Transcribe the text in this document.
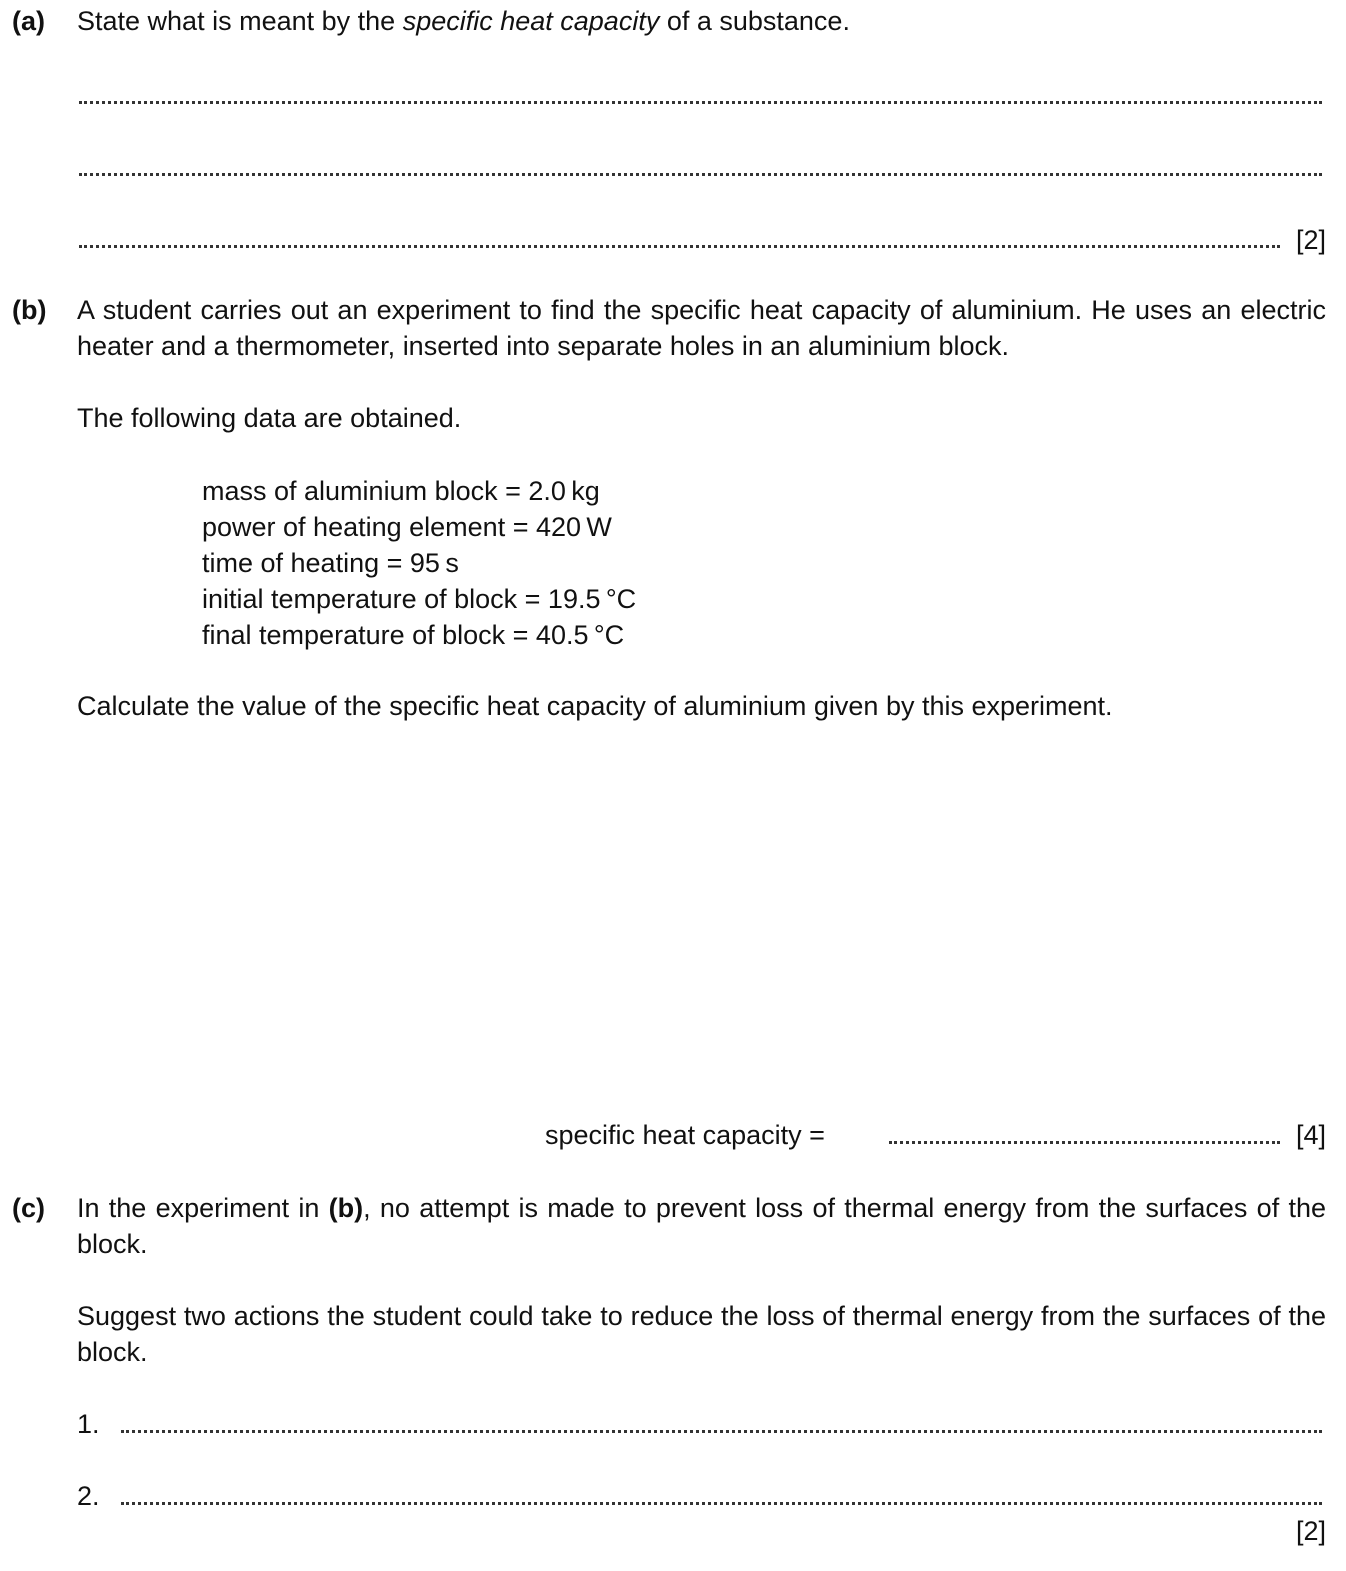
(a) State what is meant by the specific heat capacity of a substance.
[2]
(b) A student carries out an experiment to find the specific heat capacity of aluminium. He uses an electric heater and a thermometer, inserted into separate holes in an aluminium block.
The following data are obtained.
mass of aluminium block = 2.0 kg
power of heating element = 420 W
time of heating = 95 s
initial temperature of block = 19.5 °C
final temperature of block = 40.5 °C
Calculate the value of the specific heat capacity of aluminium given by this experiment.
specific heat capacity =	[4]
(c) In the experiment in (b), no attempt is made to prevent loss of thermal energy from the surfaces of the block.
Suggest two actions the student could take to reduce the loss of thermal energy from the surfaces of the block.
1.
2.
[2]
